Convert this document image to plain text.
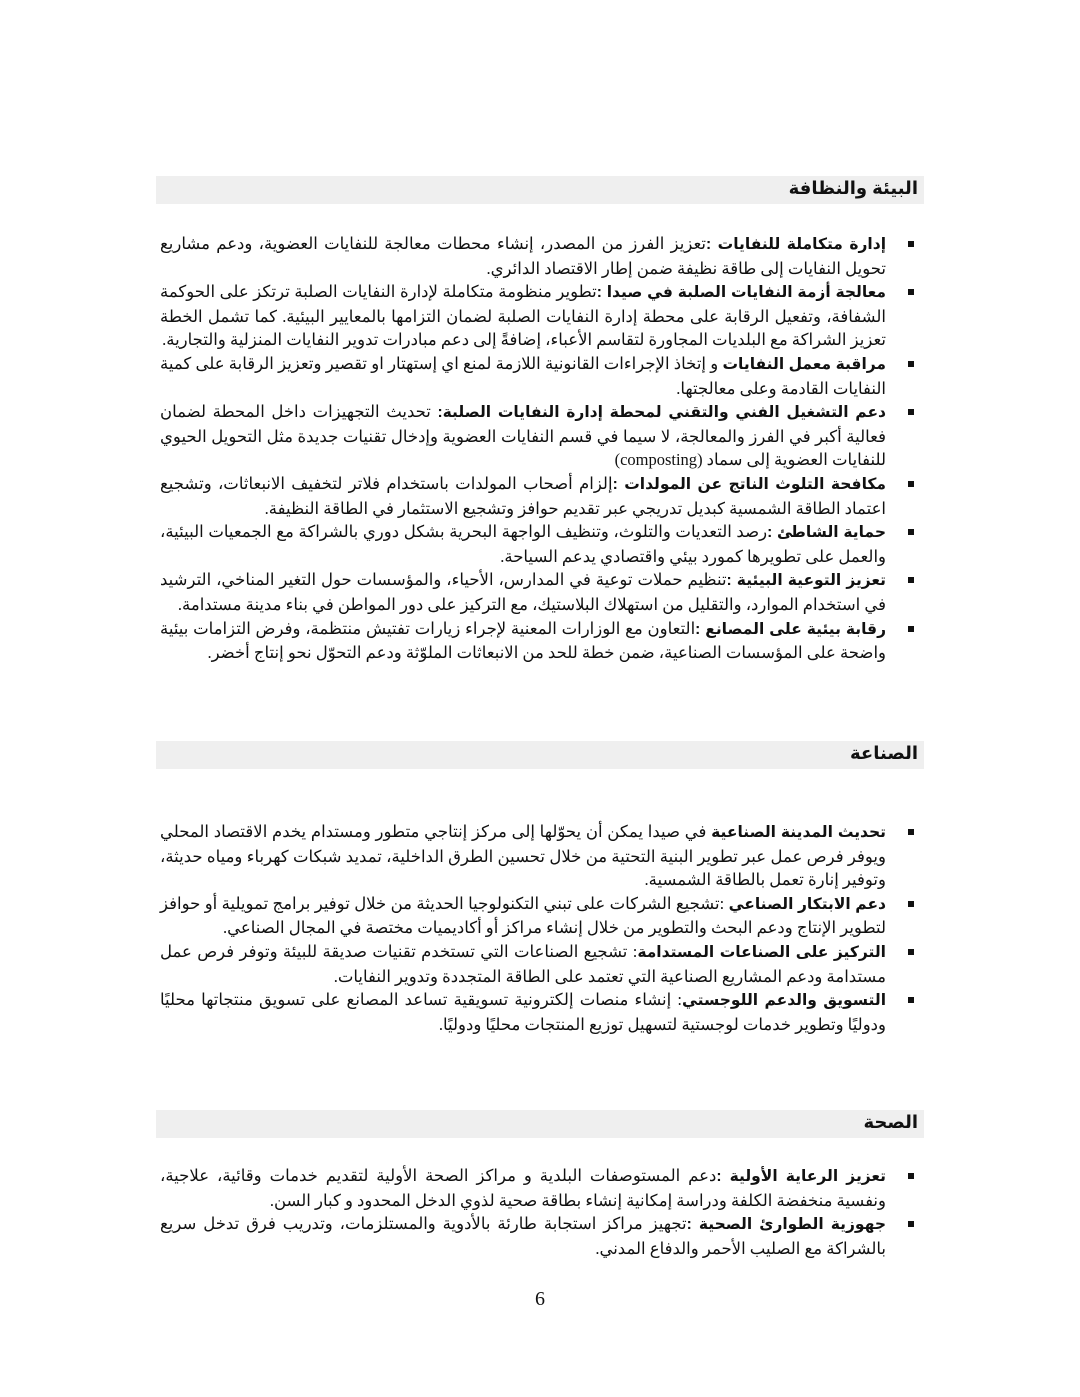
البيئة والنظافة
إدارة متكاملة للنفايات :تعزيز الفرز من المصدر، إنشاء محطات معالجة للنفايات العضوية، ودعم مشاريع تحويل النفايات إلى طاقة نظيفة ضمن إطار الاقتصاد الدائري.
معالجة أزمة النفايات الصلبة في صيدا :تطوير منظومة متكاملة لإدارة النفايات الصلبة ترتكز على الحوكمة الشفافة، وتفعيل الرقابة على محطة إدارة النفايات الصلبة لضمان التزامها بالمعايير البيئية. كما تشمل الخطة تعزيز الشراكة مع البلديات المجاورة لتقاسم الأعباء، إضافةً إلى دعم مبادرات تدوير النفايات المنزلية والتجارية.
مراقبة معمل النفايات و إتخاذ الإجراءات القانونية اللازمة لمنع اي إستهتار او تقصير وتعزيز الرقابة على كمية النفايات القادمة وعلى معالجتها.
دعم التشغيل الفني والتقني لمحطة إدارة النفايات الصلبة: تحديث التجهيزات داخل المحطة لضمان فعالية أكبر في الفرز والمعالجة، لا سيما في قسم النفايات العضوية وإدخال تقنيات جديدة مثل التحويل الحيوي للنفايات العضوية إلى سماد (composting)
مكافحة التلوث الناتج عن المولدات :إلزام أصحاب المولدات باستخدام فلاتر لتخفيف الانبعاثات، وتشجيع اعتماد الطاقة الشمسية كبديل تدريجي عبر تقديم حوافز وتشجيع الاستثمار في الطاقة النظيفة.
حماية الشاطئ :رصد التعديات والتلوث، وتنظيف الواجهة البحرية بشكل دوري بالشراكة مع الجمعيات البيئية، والعمل على تطويرها كمورد بيئي واقتصادي يدعم السياحة.
تعزيز التوعية البيئية :تنظيم حملات توعية في المدارس، الأحياء، والمؤسسات حول التغير المناخي، الترشيد في استخدام الموارد، والتقليل من استهلاك البلاستيك، مع التركيز على دور المواطن في بناء مدينة مستدامة.
رقابة بيئية على المصانع :التعاون مع الوزارات المعنية لإجراء زيارات تفتيش منتظمة، وفرض التزامات بيئية واضحة على المؤسسات الصناعية، ضمن خطة للحد من الانبعاثات الملوّثة ودعم التحوّل نحو إنتاج أخضر.
الصناعة
تحديث المدينة الصناعية في صيدا يمكن أن يحوّلها إلى مركز إنتاجي متطور ومستدام يخدم الاقتصاد المحلي ويوفر فرص عمل عبر تطوير البنية التحتية من خلال تحسين الطرق الداخلية، تمديد شبكات كهرباء ومياه حديثة، وتوفير إنارة تعمل بالطاقة الشمسية.
دعم الابتكار الصناعي :تشجيع الشركات على تبني التكنولوجيا الحديثة من خلال توفير برامج تمويلية أو حوافز لتطوير الإنتاج ودعم البحث والتطوير من خلال إنشاء مراكز أو أكاديميات مختصة في المجال الصناعي.
التركيز على الصناعات المستدامة: تشجيع الصناعات التي تستخدم تقنيات صديقة للبيئة وتوفر فرص عمل مستدامة ودعم المشاريع الصناعية التي تعتمد على الطاقة المتجددة وتدوير النفايات.
التسويق والدعم اللوجستي: إنشاء منصات إلكترونية تسويقية تساعد المصانع على تسويق منتجاتها محليًا ودوليًا وتطوير خدمات لوجستية لتسهيل توزيع المنتجات محليًا ودوليًا.
الصحة
تعزيز الرعاية الأولية :دعم المستوصفات البلدية و مراكز الصحة الأولية لتقديم خدمات وقائية، علاجية، ونفسية منخفضة الكلفة ودراسة إمكانية إنشاء بطاقة صحية لذوي الدخل المحدود و كبار السن.
جهوزية الطوارئ الصحية :تجهيز مراكز استجابة طارئة بالأدوية والمستلزمات، وتدريب فرق تدخل سريع بالشراكة مع الصليب الأحمر والدفاع المدني.
6
